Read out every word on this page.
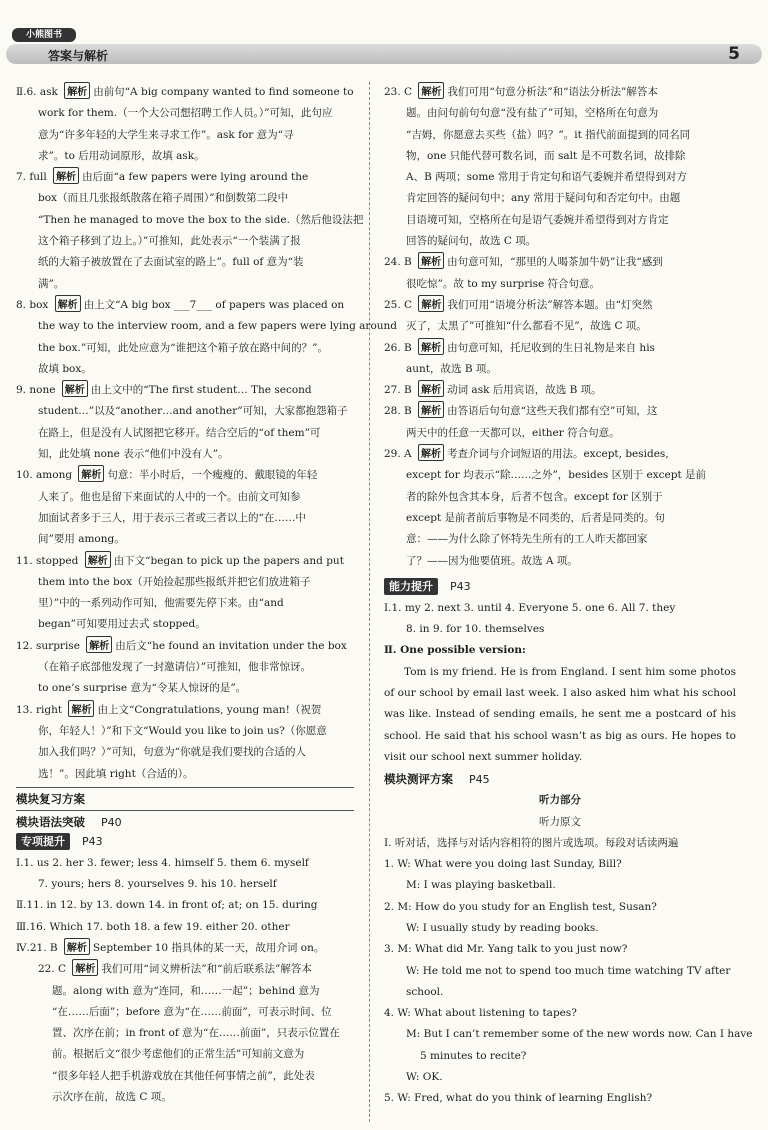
小熊图书
答案与解析	5
Ⅱ.6. ask 解析 由前句“A big company wanted to find someone to
work for them.（一个大公司想招聘工作人员。）”可知，此句应
意为“许多年轻的大学生来寻求工作”。ask for 意为“寻
求”。to 后用动词原形，故填 ask。
7. full 解析 由后面“a few papers were lying around the
box（而且几张报纸散落在箱子周围）”和倒数第二段中
“Then he managed to move the box to the side.（然后他设法把
这个箱子移到了边上。）”可推知，此处表示“一个装满了报
纸的大箱子被放置在了去面试室的路上”。full of 意为“装
满”。
8. box 解析 由上文“A big box ___7___ of papers was placed on
the way to the interview room, and a few papers were lying around
the box.”可知，此处应意为“谁把这个箱子放在路中间的？”。
故填 box。
9. none 解析 由上文中的“The first student… The second
student…”以及“another…and another”可知，大家都抱怨箱子
在路上，但是没有人试图把它移开。结合空后的“of them”可
知，此处填 none 表示“他们中没有人”。
10. among 解析 句意：半小时后，一个瘦瘦的、戴眼镜的年轻
人来了。他也是留下来面试的人中的一个。由前文可知参
加面试者多于三人，用于表示三者或三者以上的“在……中
间”要用 among。
11. stopped 解析 由下文“began to pick up the papers and put
them into the box（开始捡起那些报纸并把它们放进箱子
里）”中的一系列动作可知，他需要先停下来。由“and
began”可知要用过去式 stopped。
12. surprise 解析 由后文“he found an invitation under the box
（在箱子底部他发现了一封邀请信）”可推知，他非常惊讶。
to one’s surprise 意为“令某人惊讶的是”。
13. right 解析 由上文“Congratulations, young man!（祝贺
你，年轻人！）”和下文“Would you like to join us?（你愿意
加入我们吗？）”可知，句意为“你就是我们要找的合适的人
选！”。因此填 right（合适的）。
模块复习方案
模块语法突破 P40
专项提升 P43
Ⅰ.1. us 2. her 3. fewer; less 4. himself 5. them 6. myself
7. yours; hers 8. yourselves 9. his 10. herself
Ⅱ.11. in 12. by 13. down 14. in front of; at; on 15. during
Ⅲ.16. Which 17. both 18. a few 19. either 20. other
Ⅳ.21. B 解析 September 10 指具体的某一天，故用介词 on。
22. C 解析 我们可用“词义辨析法”和“前后联系法”解答本
题。along with 意为“连同，和……一起”；behind 意为
“在……后面”；before 意为“在……前面”，可表示时间、位
置、次序在前；in front of 意为“在……前面”，只表示位置在
前。根据后文“很少考虑他们的正常生活”可知前文意为
“很多年轻人把手机游戏放在其他任何事情之前”，此处表
示次序在前，故选 C 项。
23. C 解析 我们可用“句意分析法”和“语法分析法”解答本
题。由问句前句句意“没有盐了”可知，空格所在句意为
“吉姆，你愿意去买些（盐）吗？”。it 指代前面提到的同名同
物，one 只能代替可数名词，而 salt 是不可数名词，故排除
A、B 两项；some 常用于肯定句和语气委婉并希望得到对方
肯定回答的疑问句中；any 常用于疑问句和否定句中。由题
目语境可知，空格所在句是语气委婉并希望得到对方肯定
回答的疑问句，故选 C 项。
24. B 解析 由句意可知，“那里的人喝茶加牛奶”让我“感到
很吃惊”。故 to my surprise 符合句意。
25. C 解析 我们可用“语境分析法”解答本题。由“灯突然
灭了，太黑了”可推知“什么都看不见”，故选 C 项。
26. B 解析 由句意可知，托尼收到的生日礼物是来自 his
aunt，故选 B 项。
27. B 解析 动词 ask 后用宾语，故选 B 项。
28. B 解析 由答语后句句意“这些天我们都有空”可知，这
两天中的任意一天都可以，either 符合句意。
29. A 解析 考查介词与介词短语的用法。except, besides,
except for 均表示“除……之外”，besides 区别于 except 是前
者的除外包含其本身，后者不包含。except for 区别于
except 是前者前后事物是不同类的，后者是同类的。句
意：——为什么除了怀特先生所有的工人昨天都回家
了？——因为他要值班。故选 A 项。
能力提升 P43
Ⅰ.1. my 2. next 3. until 4. Everyone 5. one 6. All 7. they
8. in 9. for 10. themselves
Ⅱ. One possible version:
Tom is my friend. He is from England. I sent him some photos of our school by email last week. I also asked him what his school was like. Instead of sending emails, he sent me a postcard of his school. He said that his school wasn’t as big as ours. He hopes to visit our school next summer holiday.
模块测评方案 P45
听力部分
听力原文
Ⅰ. 听对话，选择与对话内容相符的图片或选项。每段对话读两遍
1. W: What were you doing last Sunday, Bill?
M: I was playing basketball.
2. M: How do you study for an English test, Susan?
W: I usually study by reading books.
3. M: What did Mr. Yang talk to you just now?
W: He told me not to spend too much time watching TV after
school.
4. W: What about listening to tapes?
M: But I can’t remember some of the new words now. Can I have
5 minutes to recite?
W: OK.
5. W: Fred, what do you think of learning English?
